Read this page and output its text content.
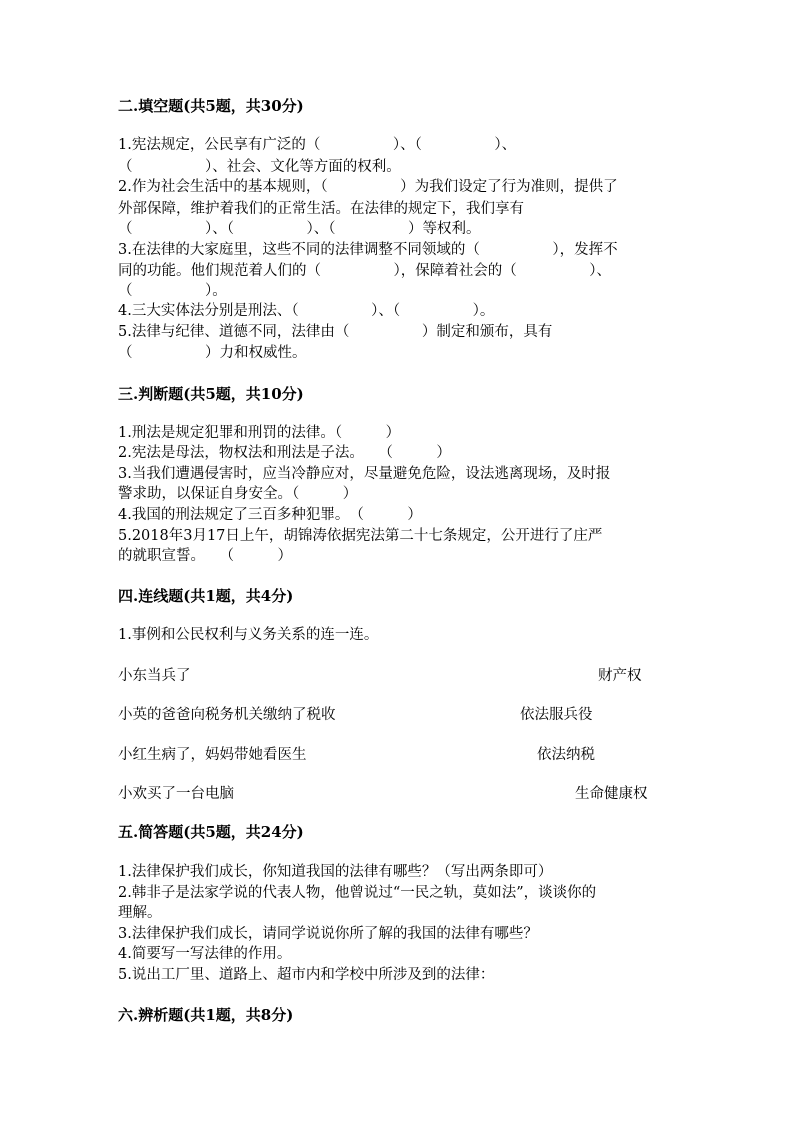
二.填空题(共5题，共30分)
1.宪法规定，公民享有广泛的（　　　　　）、（　　　　　）、
（　　　　　）、社会、文化等方面的权利。
2.作为社会生活中的基本规则，（　　　　　）为我们设定了行为准则，提供了
外部保障，维护着我们的正常生活。在法律的规定下，我们享有
（　　　　　）、（　　　　　）、（　　　　　）等权利。
3.在法律的大家庭里，这些不同的法律调整不同领域的（　　　　　），发挥不
同的功能。他们规范着人们的（　　　　　），保障着社会的（　　　　　）、
（　　　　　）。
4.三大实体法分别是刑法、（　　　　　）、（　　　　　）。
5.法律与纪律、道德不同，法律由（　　　　　）制定和颁布，具有
（　　　　　）力和权威性。
三.判断题(共5题，共10分)
1.刑法是规定犯罪和刑罚的法律。（　　　）
2.宪法是母法，物权法和刑法是子法。　　（　　　）
3.当我们遭遇侵害时，应当冷静应对，尽量避免危险，设法逃离现场，及时报
警求助，以保证自身安全。（　　　）
4.我国的刑法规定了三百多种犯罪。　（　　　）
5.2018年3月17日上午，胡锦涛依据宪法第二十七条规定，公开进行了庄严
的就职宣誓。　　（　　　）
四.连线题(共1题，共4分)
1.事例和公民权利与义务关系的连一连。
小东当兵了
小英的爸爸向税务机关缴纳了税收
小红生病了，妈妈带她看医生
小欢买了一台电脑
财产权
依法服兵役
依法纳税
生命健康权
五.简答题(共5题，共24分)
1.法律保护我们成长，你知道我国的法律有哪些？（写出两条即可）
2.韩非子是法家学说的代表人物，他曾说过“一民之轨，莫如法”，谈谈你的
理解。
3.法律保护我们成长，请同学说说你所了解的我国的法律有哪些？
4.简要写一写法律的作用。
5.说出工厂里、道路上、超市内和学校中所涉及到的法律：
六.辨析题(共1题，共8分)
